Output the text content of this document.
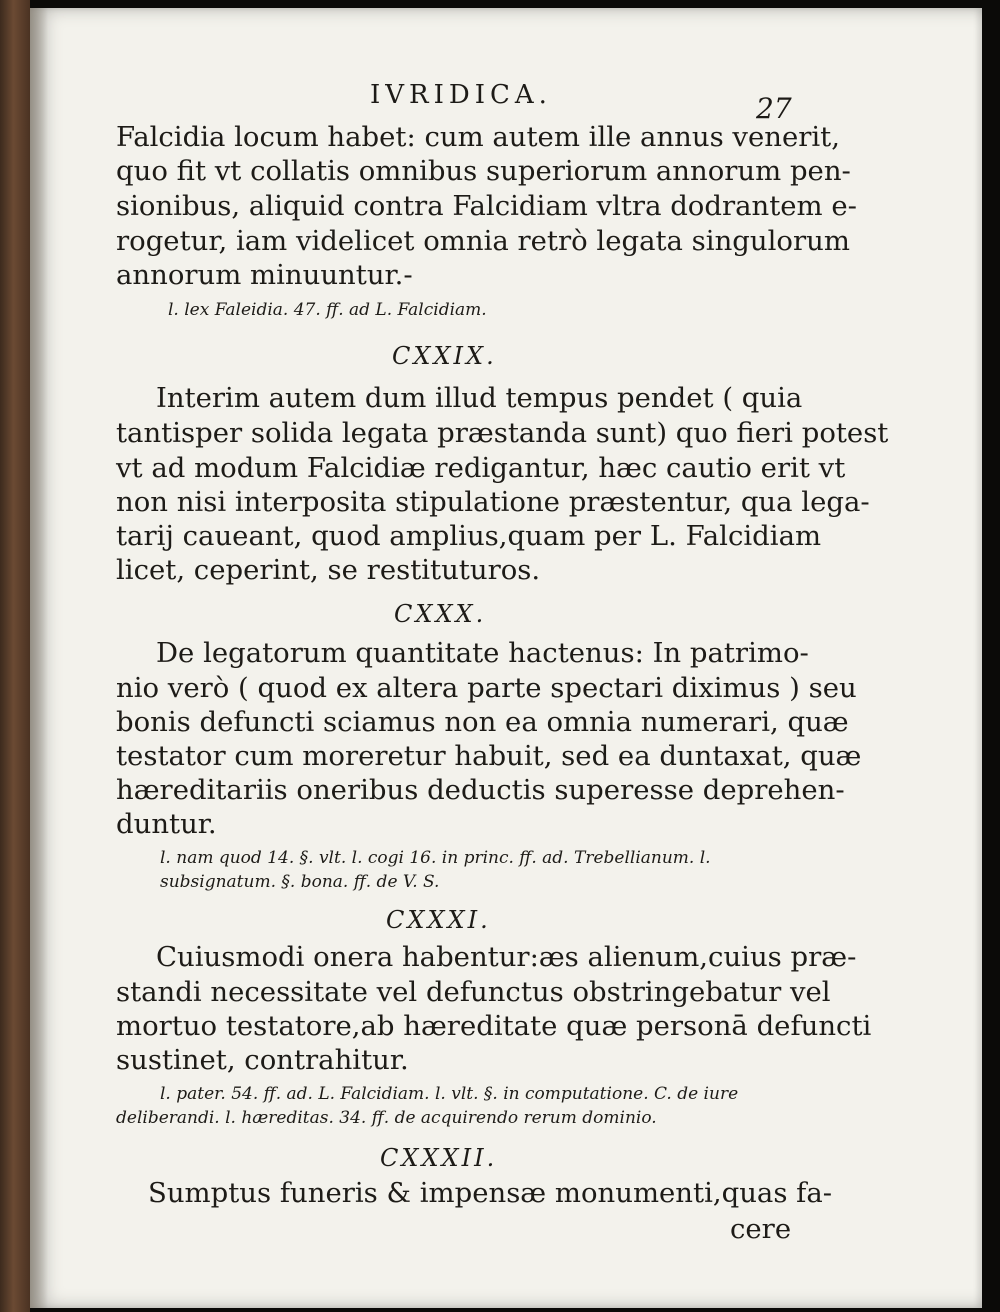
IVRIDICA.	27
Falcidia locum habet: cum autem ille annus venerit,
quo fit vt collatis omnibus superiorum annorum pen-
sionibus, aliquid contra Falcidiam vltra dodrantem e-
rogetur, iam videlicet omnia retrò legata singulorum
annorum minuuntur.-
l. lex Faleidia. 47. ff. ad L. Falcidiam.
CXXIX.
Interim autem dum illud tempus pendet ( quia
tantisper solida legata præstanda sunt) quo fieri potest
vt ad modum Falcidiæ redigantur, hæc cautio erit vt
non nisi interposita stipulatione præstentur, qua lega-
tarij caueant, quod amplius,quam per L. Falcidiam
licet, ceperint, se restituturos.
CXXX.
De legatorum quantitate hactenus: In patrimo-
nio verò ( quod ex altera parte spectari diximus ) seu
bonis defuncti sciamus non ea omnia numerari, quæ
testator cum moreretur habuit, sed ea duntaxat, quæ
hæreditariis oneribus deductis superesse deprehen-
duntur.
l. nam quod 14. §. vlt. l. cogi 16. in princ. ff. ad. Trebellianum. l.
subsignatum. §. bona. ff. de V. S.
CXXXI.
Cuiusmodi onera habentur:æs alienum,cuius præ-
standi necessitate vel defunctus obstringebatur vel
mortuo testatore,ab hæreditate quæ personā defuncti
sustinet, contrahitur.
l. pater. 54. ff. ad. L. Falcidiam. l. vlt. §. in computatione. C. de iure
deliberandi. l. hæreditas. 34. ff. de acquirendo rerum dominio.
CXXXII.
Sumptus funeris & impensæ monumenti,quas fa-
cere
